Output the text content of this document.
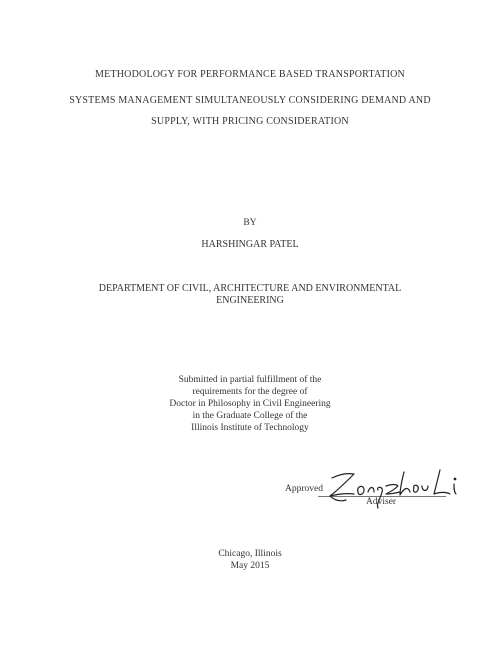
METHODOLOGY FOR PERFORMANCE BASED TRANSPORTATION
SYSTEMS MANAGEMENT SIMULTANEOUSLY CONSIDERING DEMAND AND
SUPPLY, WITH PRICING CONSIDERATION
BY
HARSHINGAR PATEL
DEPARTMENT OF CIVIL, ARCHITECTURE AND ENVIRONMENTAL
ENGINEERING
Submitted in partial fulfillment of the
requirements for the degree of
Doctor in Philosophy in Civil Engineering
in the Graduate College of the
Illinois Institute of Technology
Approved
Adviser
Chicago, Illinois
May 2015
